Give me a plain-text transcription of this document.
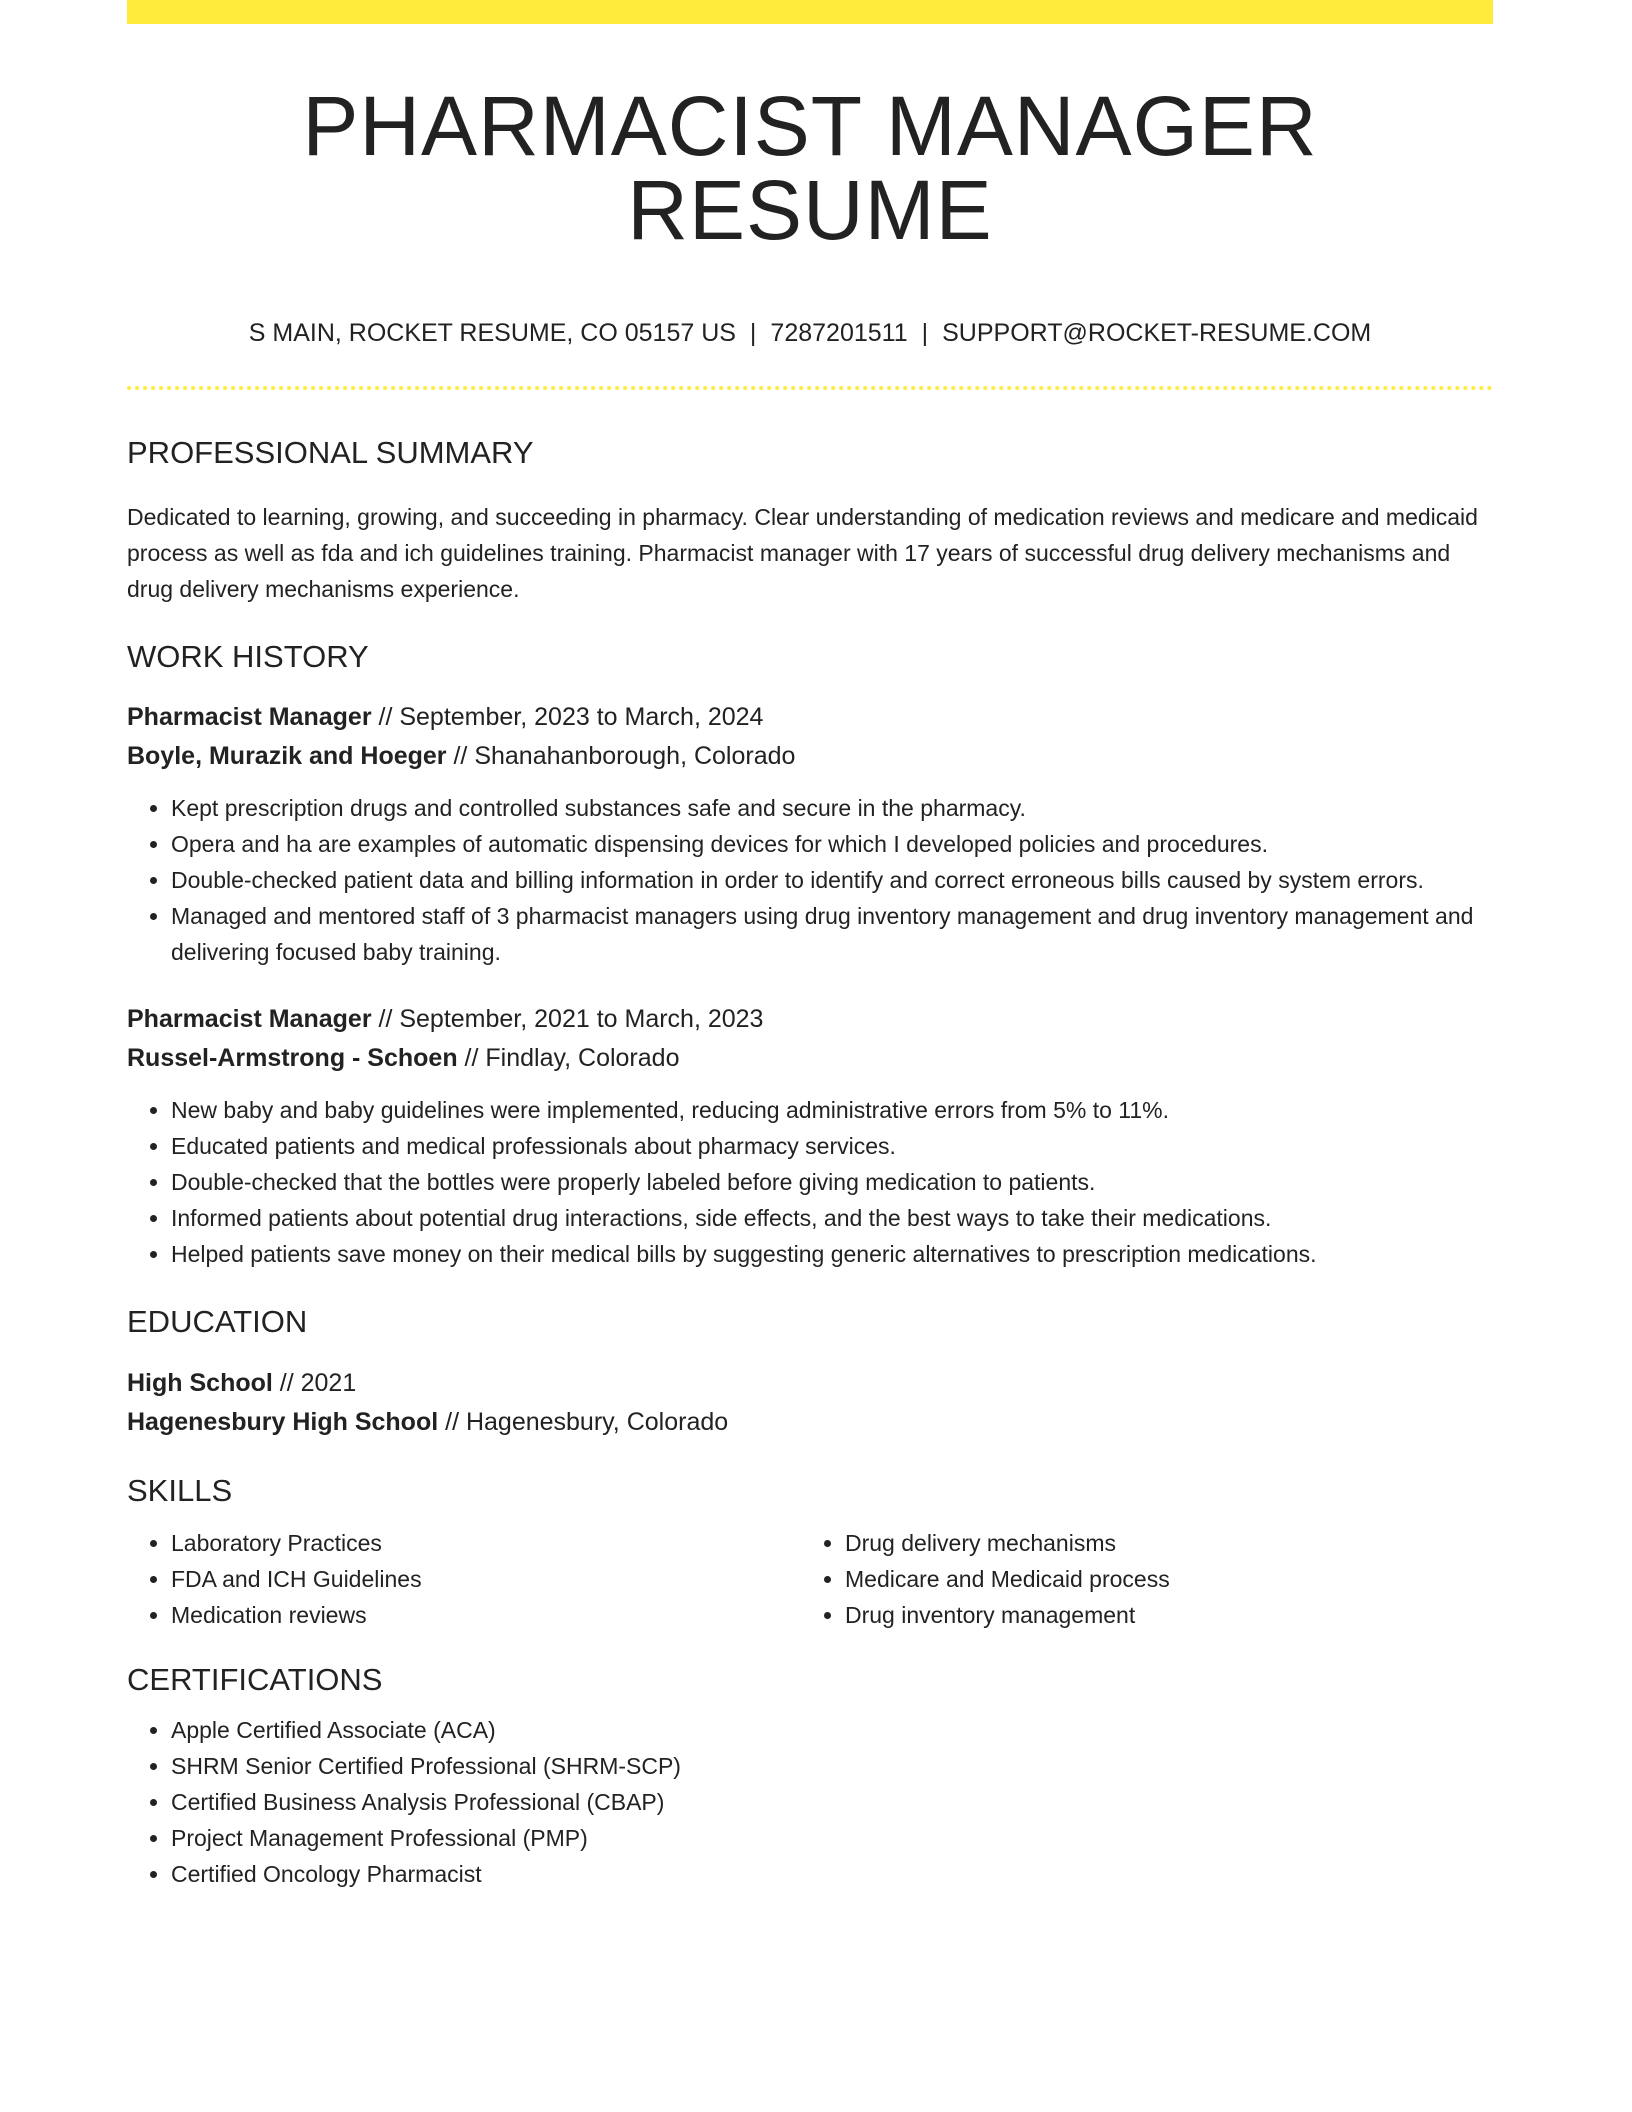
PHARMACIST MANAGER RESUME
S MAIN, ROCKET RESUME, CO 05157 US | 7287201511 | SUPPORT@ROCKET-RESUME.COM
PROFESSIONAL SUMMARY
Dedicated to learning, growing, and succeeding in pharmacy. Clear understanding of medication reviews and medicare and medicaid process as well as fda and ich guidelines training. Pharmacist manager with 17 years of successful drug delivery mechanisms and drug delivery mechanisms experience.
WORK HISTORY
Pharmacist Manager // September, 2023 to March, 2024
Boyle, Murazik and Hoeger // Shanahanborough, Colorado
• Kept prescription drugs and controlled substances safe and secure in the pharmacy.
• Opera and ha are examples of automatic dispensing devices for which I developed policies and procedures.
• Double-checked patient data and billing information in order to identify and correct erroneous bills caused by system errors.
• Managed and mentored staff of 3 pharmacist managers using drug inventory management and drug inventory management and delivering focused baby training.
Pharmacist Manager // September, 2021 to March, 2023
Russel-Armstrong - Schoen // Findlay, Colorado
• New baby and baby guidelines were implemented, reducing administrative errors from 5% to 11%.
• Educated patients and medical professionals about pharmacy services.
• Double-checked that the bottles were properly labeled before giving medication to patients.
• Informed patients about potential drug interactions, side effects, and the best ways to take their medications.
• Helped patients save money on their medical bills by suggesting generic alternatives to prescription medications.
EDUCATION
High School // 2021
Hagenesbury High School // Hagenesbury, Colorado
SKILLS
• Laboratory Practices
• FDA and ICH Guidelines
• Medication reviews
• Drug delivery mechanisms
• Medicare and Medicaid process
• Drug inventory management
CERTIFICATIONS
• Apple Certified Associate (ACA)
• SHRM Senior Certified Professional (SHRM-SCP)
• Certified Business Analysis Professional (CBAP)
• Project Management Professional (PMP)
• Certified Oncology Pharmacist
